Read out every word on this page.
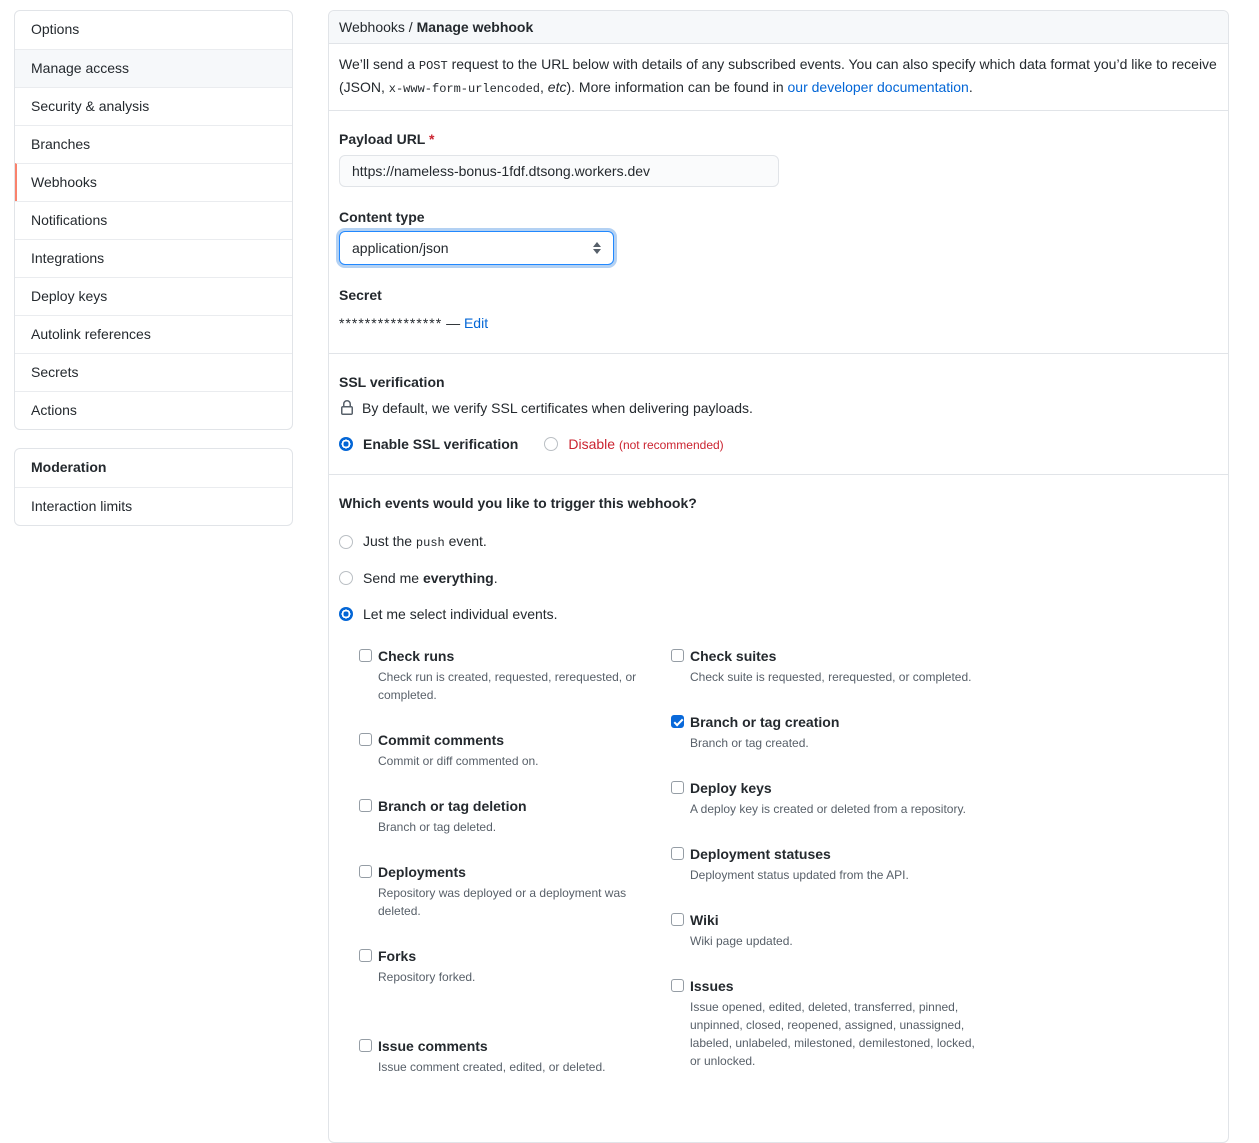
Options
Manage access
Security & analysis
Branches
Webhooks
Notifications
Integrations
Deploy keys
Autolink references
Secrets
Actions
Moderation
Interaction limits
Webhooks / Manage webhook
We’ll send a POST request to the URL below with details of any subscribed events. You can also specify which data format you’d like to receive (JSON, x-www-form-urlencoded, etc). More information can be found in our developer documentation.
Payload URL *
https://nameless-bonus-1fdf.dtsong.workers.dev
Content type
application/json
Secret
**************** — Edit
SSL verification
By default, we verify SSL certificates when delivering payloads.
Enable SSL verification	Disable (not recommended)
Which events would you like to trigger this webhook?
Just the push event.
Send me everything.
Let me select individual events.
Check runs
Check run is created, requested, rerequested, or completed.
Commit comments
Commit or diff commented on.
Branch or tag deletion
Branch or tag deleted.
Deployments
Repository was deployed or a deployment was deleted.
Forks
Repository forked.
Issue comments
Issue comment created, edited, or deleted.
Check suites
Check suite is requested, rerequested, or completed.
Branch or tag creation
Branch or tag created.
Deploy keys
A deploy key is created or deleted from a repository.
Deployment statuses
Deployment status updated from the API.
Wiki
Wiki page updated.
Issues
Issue opened, edited, deleted, transferred, pinned, unpinned, closed, reopened, assigned, unassigned, labeled, unlabeled, milestoned, demilestoned, locked, or unlocked.
